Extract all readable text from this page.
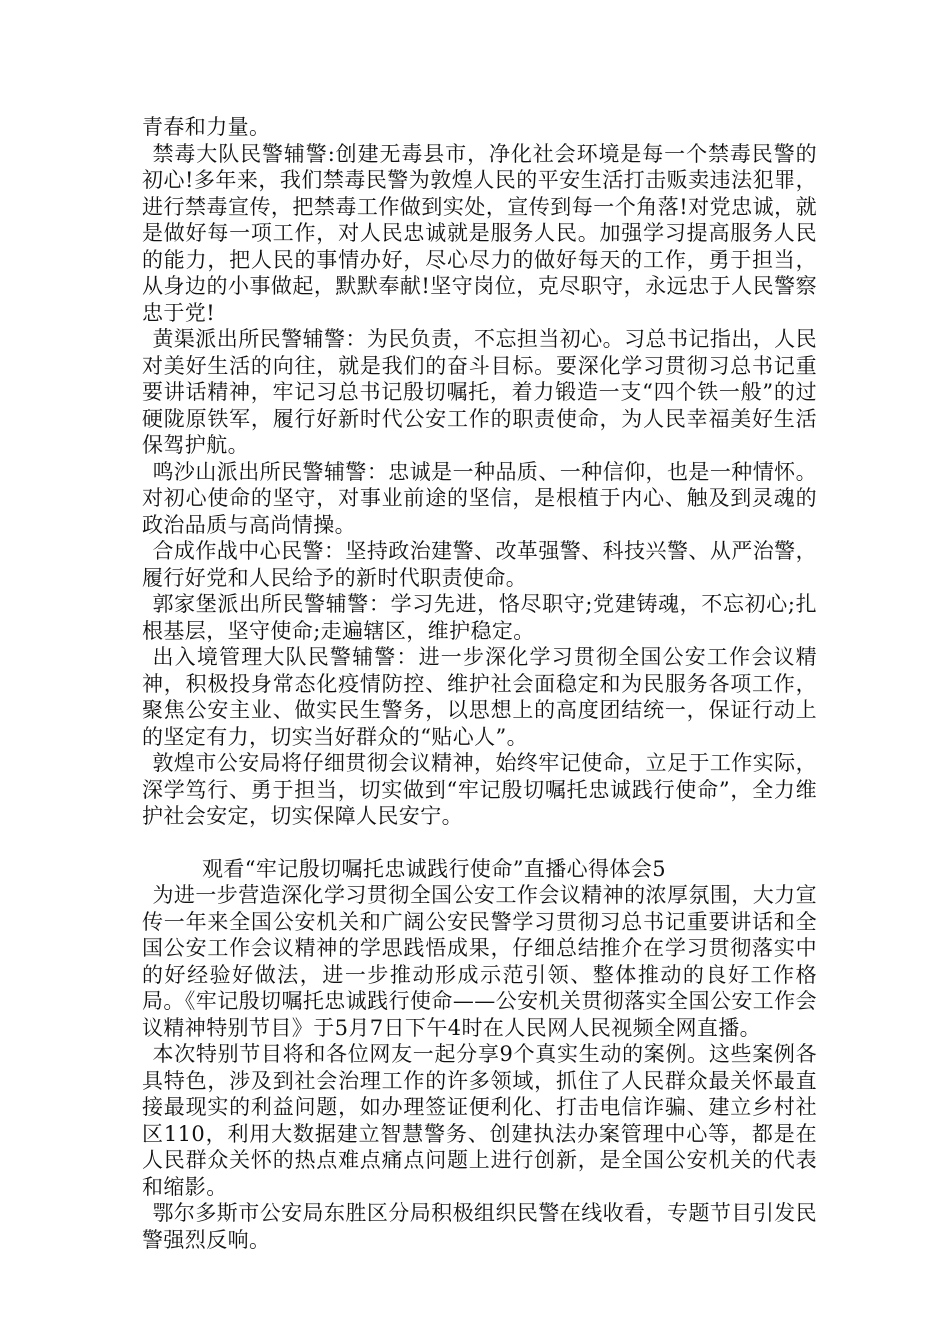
青春和力量。

禁毒大队民警辅警:创建无毒县市，净化社会环境是每一个禁毒民警的初心!多年来，我们禁毒民警为敦煌人民的平安生活打击贩卖违法犯罪，进行禁毒宣传，把禁毒工作做到实处，宣传到每一个角落!对党忠诚，就是做好每一项工作，对人民忠诚就是服务人民。加强学习提高服务人民的能力，把人民的事情办好，尽心尽力的做好每天的工作，勇于担当，从身边的小事做起，默默奉献!坚守岗位，克尽职守，永远忠于人民警察忠于党!

黄渠派出所民警辅警：为民负责，不忘担当初心。习总书记指出，人民对美好生活的向往，就是我们的奋斗目标。要深化学习贯彻习总书记重要讲话精神，牢记习总书记殷切嘱托，着力锻造一支“四个铁一般”的过硬陇原铁军，履行好新时代公安工作的职责使命，为人民幸福美好生活保驾护航。

鸣沙山派出所民警辅警：忠诚是一种品质、一种信仰，也是一种情怀。对初心使命的坚守，对事业前途的坚信，是根植于内心、触及到灵魂的政治品质与高尚情操。

合成作战中心民警：坚持政治建警、改革强警、科技兴警、从严治警，履行好党和人民给予的新时代职责使命。

郭家堡派出所民警辅警：学习先进，恪尽职守;党建铸魂，不忘初心;扎根基层，坚守使命;走遍辖区，维护稳定。

出入境管理大队民警辅警：进一步深化学习贯彻全国公安工作会议精神，积极投身常态化疫情防控、维护社会面稳定和为民服务各项工作，聚焦公安主业、做实民生警务，以思想上的高度团结统一，保证行动上的坚定有力，切实当好群众的“贴心人”。

敦煌市公安局将仔细贯彻会议精神，始终牢记使命，立足于工作实际，深学笃行、勇于担当，切实做到“牢记殷切嘱托忠诚践行使命”，全力维护社会安定，切实保障人民安宁。

观看“牢记殷切嘱托忠诚践行使命”直播心得体会5

为进一步营造深化学习贯彻全国公安工作会议精神的浓厚氛围，大力宣传一年来全国公安机关和广阔公安民警学习贯彻习总书记重要讲话和全国公安工作会议精神的学思践悟成果，仔细总结推介在学习贯彻落实中的好经验好做法，进一步推动形成示范引领、整体推动的良好工作格局。《牢记殷切嘱托忠诚践行使命——公安机关贯彻落实全国公安工作会议精神特别节目》于5月7日下午4时在人民网人民视频全网直播。

本次特别节目将和各位网友一起分享9个真实生动的案例。这些案例各具特色，涉及到社会治理工作的许多领域，抓住了人民群众最关怀最直接最现实的利益问题，如办理签证便利化、打击电信诈骗、建立乡村社区110，利用大数据建立智慧警务、创建执法办案管理中心等，都是在人民群众关怀的热点难点痛点问题上进行创新，是全国公安机关的代表和缩影。

鄂尔多斯市公安局东胜区分局积极组织民警在线收看，专题节目引发民警强烈反响。
